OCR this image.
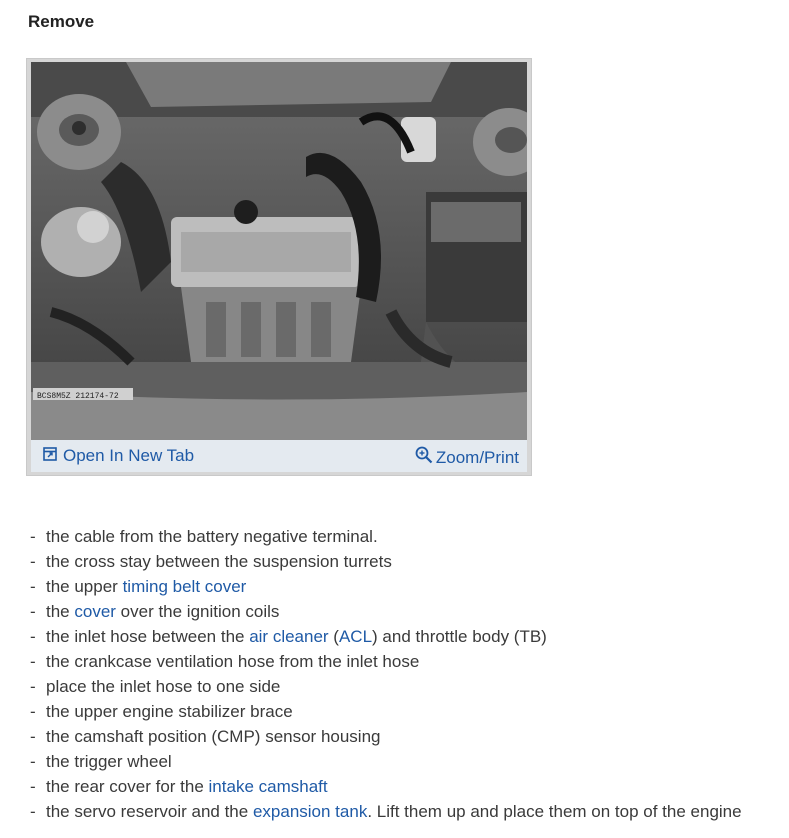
Remove
BCS8M5Z 212174-72
Open In New Tab	Zoom/Print
- the cable from the battery negative terminal.
- the cross stay between the suspension turrets
- the upper timing belt cover
- the cover over the ignition coils
- the inlet hose between the air cleaner (ACL) and throttle body (TB)
- the crankcase ventilation hose from the inlet hose
- place the inlet hose to one side
- the upper engine stabilizer brace
- the camshaft position (CMP) sensor housing
- the trigger wheel
- the rear cover for the intake camshaft
- the servo reservoir and the expansion tank. Lift them up and place them on top of the engine
